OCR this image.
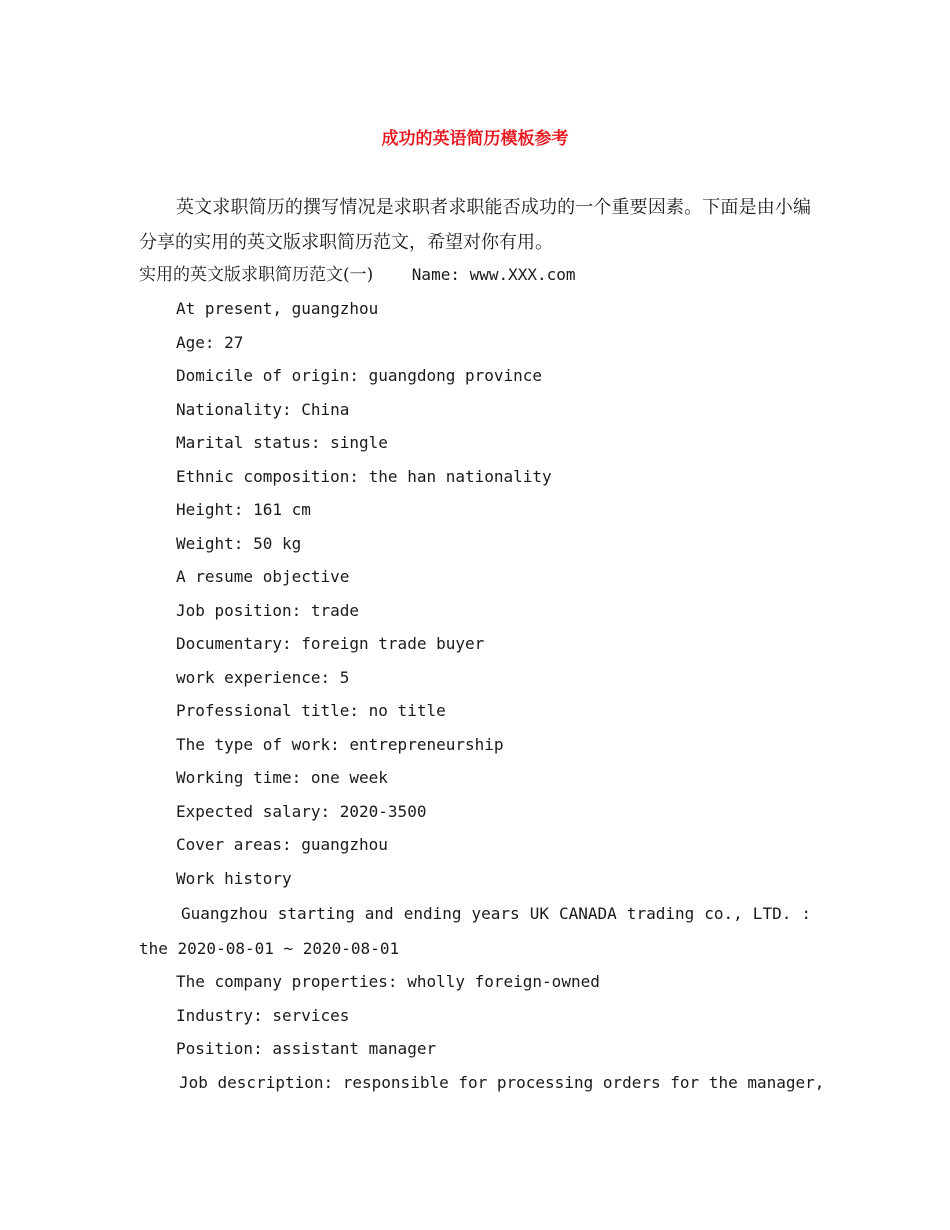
成功的英语简历模板参考
英文求职简历的撰写情况是求职者求职能否成功的一个重要因素。下面是由小编分享的实用的英文版求职简历范文，希望对你有用。
实用的英文版求职简历范文(一) Name: www.XXX.com
At present, guangzhou
Age: 27
Domicile of origin: guangdong province
Nationality: China
Marital status: single
Ethnic composition: the han nationality
Height: 161 cm
Weight: 50 kg
A resume objective
Job position: trade
Documentary: foreign trade buyer
work experience: 5
Professional title: no title
The type of work: entrepreneurship
Working time: one week
Expected salary: 2020-3500
Cover areas: guangzhou
Work history
Guangzhou starting and ending years UK CANADA trading co., LTD. : the 2020-08-01 ~ 2020-08-01
The company properties: wholly foreign-owned
Industry: services
Position: assistant manager
Job description: responsible for processing orders for the manager,
